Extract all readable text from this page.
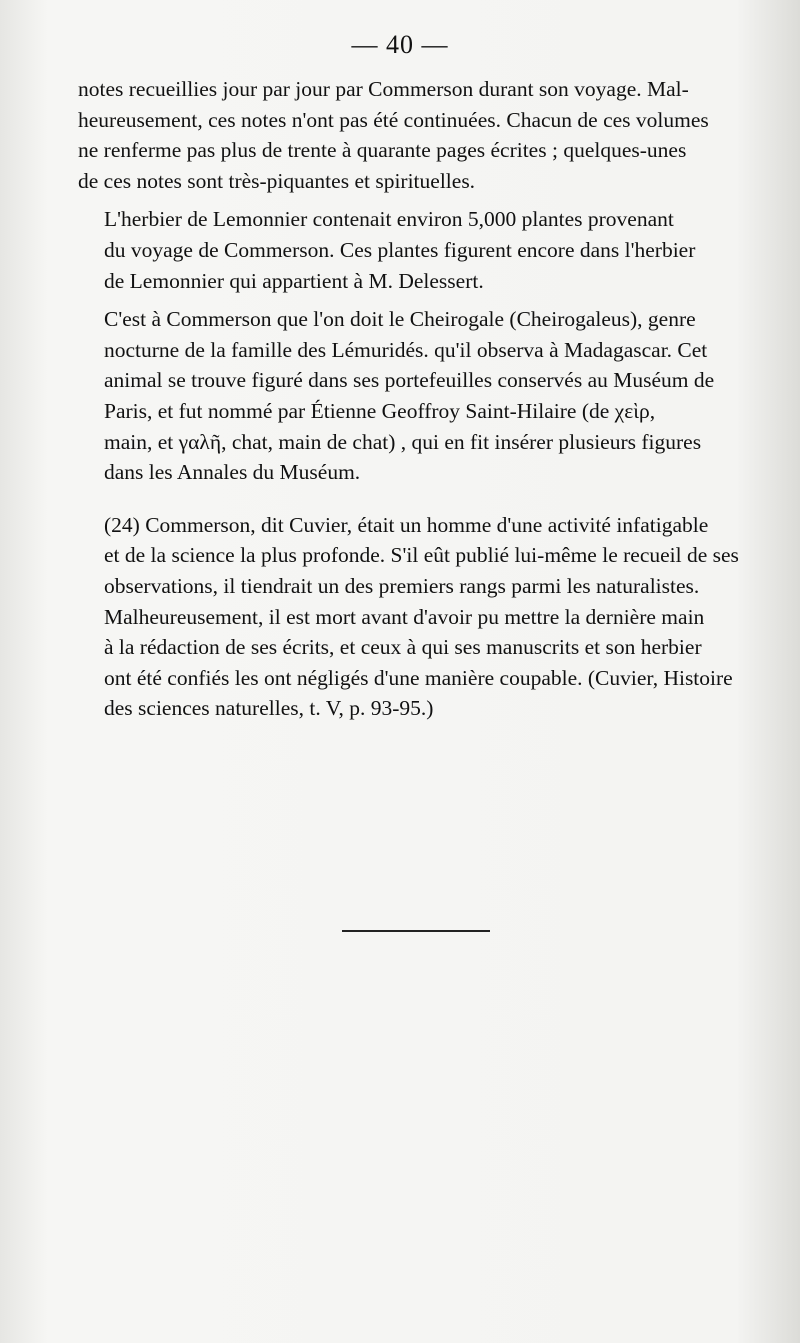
— 40 —

notes recueillies jour par jour par Commerson durant son voyage. Mal-
heureusement, ces notes n'ont pas été continuées. Chacun de ces volumes
ne renferme pas plus de trente à quarante pages écrites ; quelques-unes
de ces notes sont très-piquantes et spirituelles.

L'herbier de Lemonnier contenait environ 5,000 plantes provenant
du voyage de Commerson. Ces plantes figurent encore dans l'herbier
de Lemonnier qui appartient à M. Delessert.

C'est à Commerson que l'on doit le Cheirogale (Cheirogaleus), genre
nocturne de la famille des Lémuridés. qu'il observa à Madagascar. Cet
animal se trouve figuré dans ses portefeuilles conservés au Muséum de
Paris, et fut nommé par Étienne Geoffroy Saint-Hilaire (de χεὶρ,
main, et γαλῆ, chat, main de chat) , qui en fit insérer plusieurs figures
dans les Annales du Muséum.

(24) Commerson, dit Cuvier, était un homme d'une activité infatigable
et de la science la plus profonde. S'il eût publié lui-même le recueil de ses
observations, il tiendrait un des premiers rangs parmi les naturalistes.
Malheureusement, il est mort avant d'avoir pu mettre la dernière main
à la rédaction de ses écrits, et ceux à qui ses manuscrits et son herbier
ont été confiés les ont négligés d'une manière coupable. (Cuvier, Histoire
des sciences naturelles, t. V, p. 93-95.)
